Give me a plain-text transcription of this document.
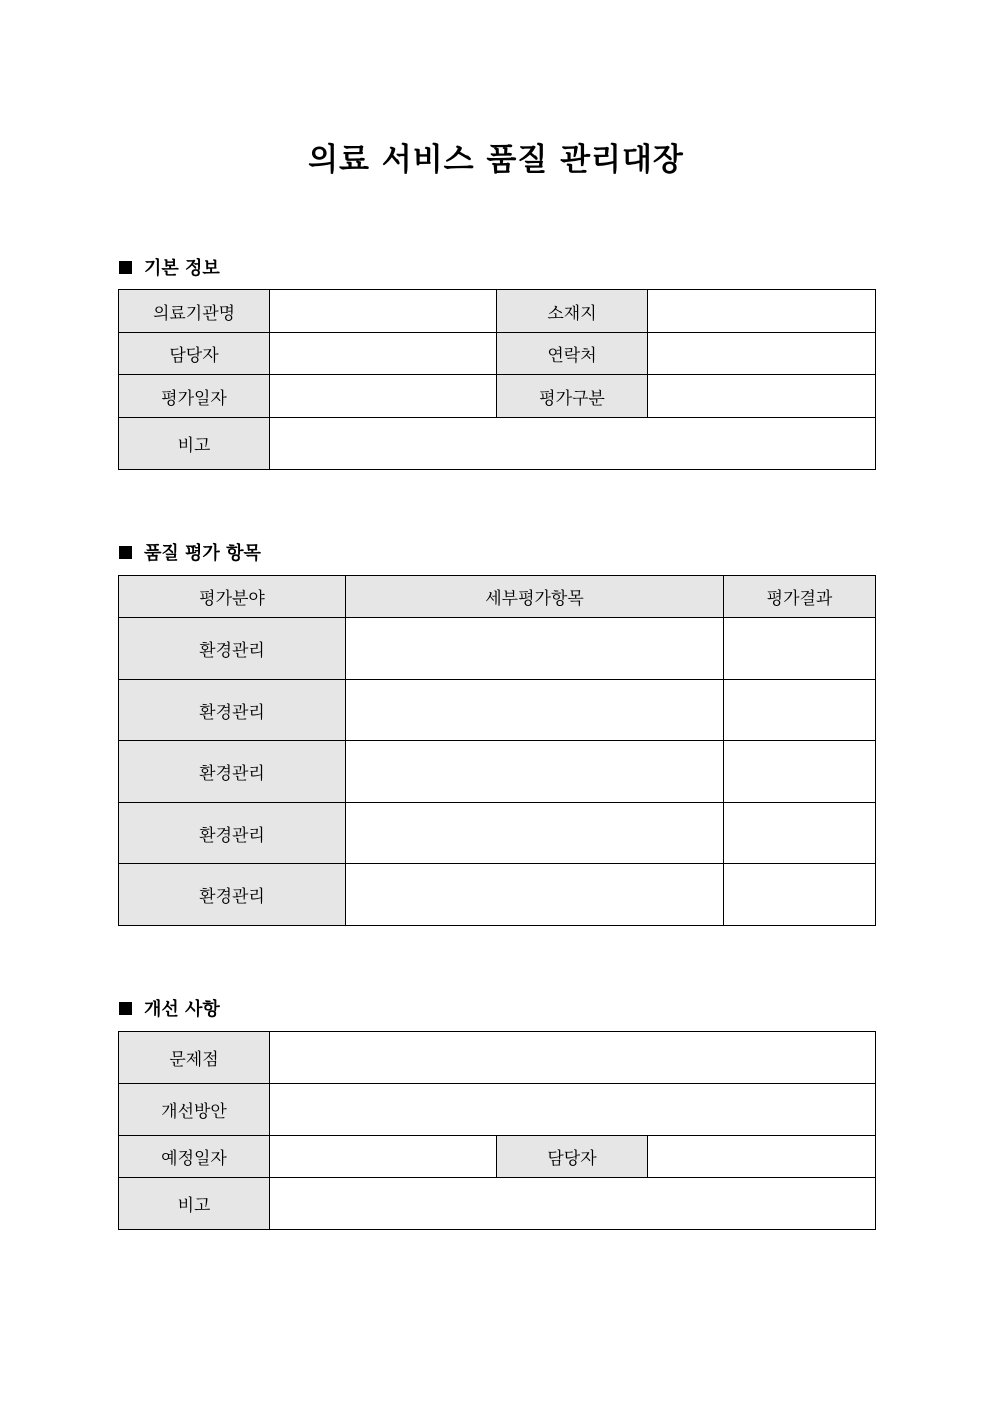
의료 서비스 품질 관리대장
기본 정보
의료기관명		소재지	
담당자		연락처	
평가일자		평가구분	
비고			
품질 평가 항목
평가분야	세부평가항목	평가결과
환경관리		
환경관리		
환경관리		
환경관리		
환경관리		
개선 사항
문제점			
개선방안			
예정일자		담당자	
비고			
